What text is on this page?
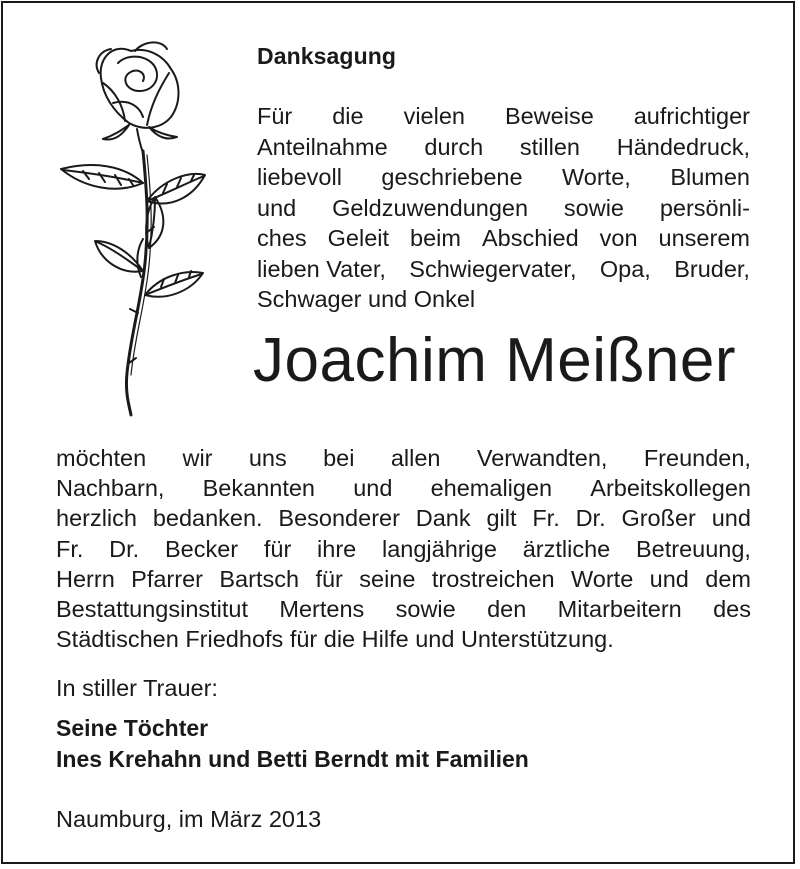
Danksagung
Für die vielen Beweise aufrichtiger
Anteilnahme durch stillen Händedruck,
liebevoll geschriebene Worte, Blumen
und Geldzuwendungen sowie persönli-
ches Geleit beim Abschied von unserem
lieben Vater, Schwiegervater, Opa, Bruder,
Schwager und Onkel
Joachim Meißner
möchten wir uns bei allen Verwandten, Freunden,
Nachbarn, Bekannten und ehemaligen Arbeitskollegen
herzlich bedanken. Besonderer Dank gilt Fr. Dr. Großer und
Fr. Dr. Becker für ihre langjährige ärztliche Betreuung,
Herrn Pfarrer Bartsch für seine trostreichen Worte und dem
Bestattungsinstitut Mertens sowie den Mitarbeitern des
Städtischen Friedhofs für die Hilfe und Unterstützung.
In stiller Trauer:
Seine Töchter
Ines Krehahn und Betti Berndt mit Familien
Naumburg, im März 2013
